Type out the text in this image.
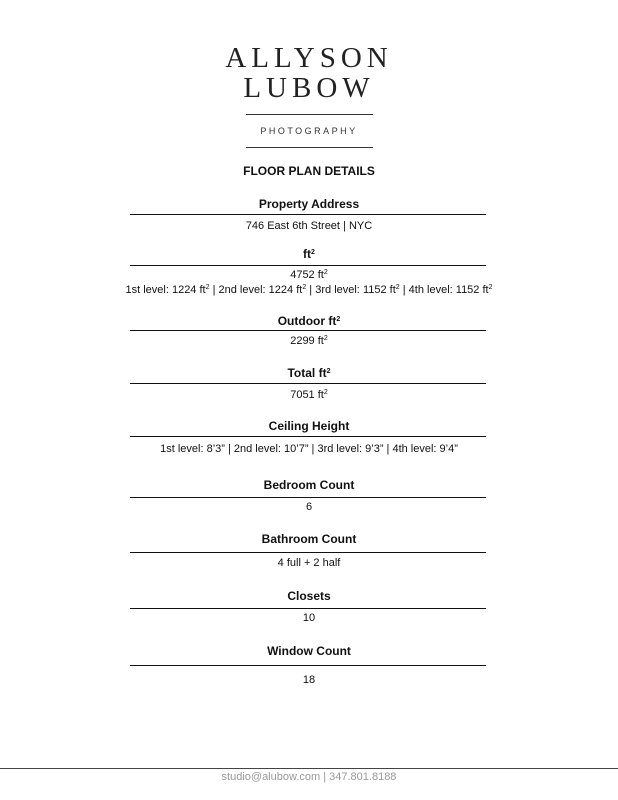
ALLYSON
LUBOW
PHOTOGRAPHY
FLOOR PLAN DETAILS
Property Address
746 East 6th Street | NYC
$ft^2$
4752 $ft^2$
1st level: 1224 $ft^2$ | 2nd level: 1224 $ft^2$ | 3rd level: 1152 $ft^2$ | 4th level: 1152 $ft^2$
Outdoor $ft^2$
2299 $ft^2$
Total $ft^2$
7051 $ft^2$
Ceiling Height
1st level: 8’3” | 2nd level: 10’7” | 3rd level: 9’3” | 4th level: 9’4”
Bedroom Count
6
Bathroom Count
4 full + 2 half
Closets
10
Window Count
18
studio@alubow.com | 347.801.8188
